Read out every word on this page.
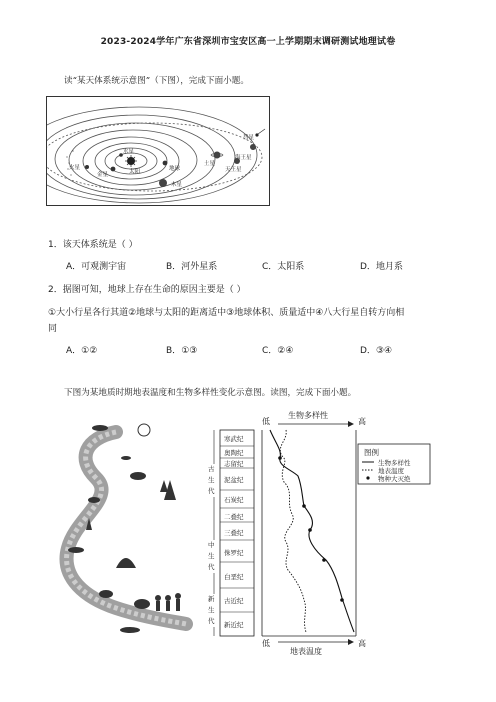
2023-2024学年广东省深圳市宝安区高一上学期期末调研测试地理试卷
读“某天体系统示意图”（下图），完成下面小题。
彗星
海王星
天王星
土星
木星
金星
水星
火星	地球
太阳
1．该天体系统是（ ）
A．可观测宇宙	B．河外星系	C．太阳系	D．地月系
2．据图可知，地球上存在生命的原因主要是（ ）
①大小行星各行其道②地球与太阳的距离适中③地球体积、质量适中④八大行星自转方向相
同
A．①②	B．①③	C．②④	D．③④
下图为某地质时期地表温度和生物多样性变化示意图。读图，完成下面小题。
低
生物多样性
高
寒武纪
奥陶纪
志留纪
泥盆纪
石炭纪
二叠纪
三叠纪
侏罗纪
白垩纪
古近纪
新近纪
古
生
代
中
生
代
新
生
代
图例
生物多样性
地表温度
物种大灭绝
低	高
地表温度
